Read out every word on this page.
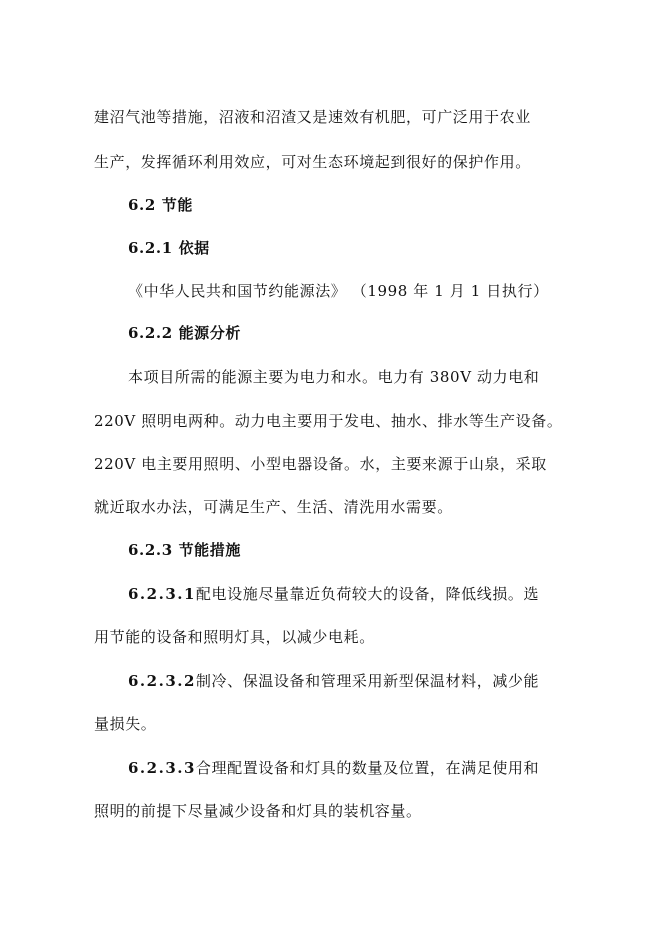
建沼气池等措施，沼液和沼渣又是速效有机肥，可广泛用于农业
生产，发挥循环利用效应，可对生态环境起到很好的保护作用。
6.2 节能
6.2.1 依据
《中华人民共和国节约能源法》 （1998 年 1 月 1 日执行）
6.2.2 能源分析
本项目所需的能源主要为电力和水。电力有 380V 动力电和
220V 照明电两种。动力电主要用于发电、抽水、排水等生产设备。
220V 电主要用照明、小型电器设备。水，主要来源于山泉，采取
就近取水办法，可满足生产、生活、清洗用水需要。
6.2.3 节能措施
6.2.3.1配电设施尽量靠近负荷较大的设备，降低线损。选
用节能的设备和照明灯具，以减少电耗。
6.2.3.2制冷、保温设备和管理采用新型保温材料，减少能
量损失。
6.2.3.3合理配置设备和灯具的数量及位置，在满足使用和
照明的前提下尽量减少设备和灯具的装机容量。
